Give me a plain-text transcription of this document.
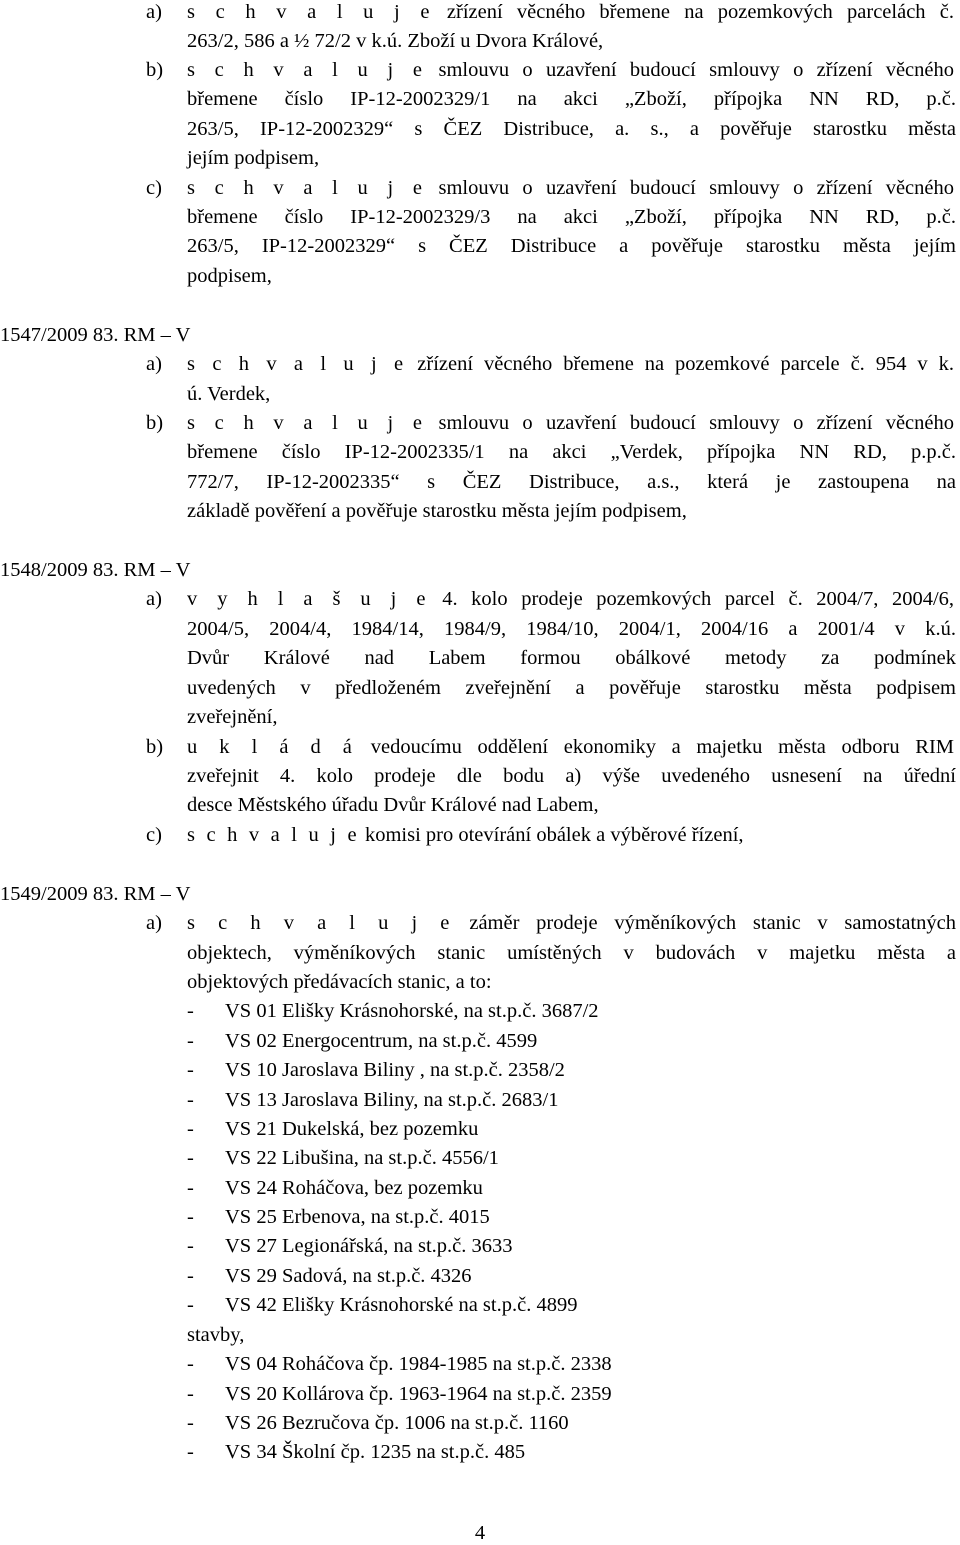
a) s c h v a l u j e zřízení věcného břemene na pozemkových parcelách č.
263/2, 586 a ½ 72/2 v k.ú. Zboží u Dvora Králové,
b) s c h v a l u j e smlouvu o uzavření budoucí smlouvy o zřízení věcného
břemene číslo IP-12-2002329/1 na akci „Zboží, přípojka NN RD, p.č.
263/5, IP-12-2002329“ s ČEZ Distribuce, a. s., a pověřuje starostku města
jejím podpisem,
c) s c h v a l u j e smlouvu o uzavření budoucí smlouvy o zřízení věcného
břemene číslo IP-12-2002329/3 na akci „Zboží, přípojka NN RD, p.č.
263/5, IP-12-2002329“ s ČEZ Distribuce a pověřuje starostku města jejím
podpisem,
1547/2009 83. RM – V
a) s c h v a l u j e zřízení věcného břemene na pozemkové parcele č. 954 v k.
ú. Verdek,
b) s c h v a l u j e smlouvu o uzavření budoucí smlouvy o zřízení věcného
břemene číslo IP-12-2002335/1 na akci „Verdek, přípojka NN RD, p.p.č.
772/7, IP-12-2002335“ s ČEZ Distribuce, a.s., která je zastoupena na
základě pověření a pověřuje starostku města jejím podpisem,
1548/2009 83. RM – V
a) v y h l a š u j e 4. kolo prodeje pozemkových parcel č. 2004/7, 2004/6,
2004/5, 2004/4, 1984/14, 1984/9, 1984/10, 2004/1, 2004/16 a 2001/4 v k.ú.
Dvůr Králové nad Labem formou obálkové metody za podmínek
uvedených v předloženém zveřejnění a pověřuje starostku města podpisem
zveřejnění,
b) u k l á d á vedoucímu oddělení ekonomiky a majetku města odboru RIM
zveřejnit 4. kolo prodeje dle bodu a) výše uvedeného usnesení na úřední
desce Městského úřadu Dvůr Králové nad Labem,
c) s c h v a l u j e komisi pro otevírání obálek a výběrové řízení,
1549/2009 83. RM – V
a) s c h v a l u j e záměr prodeje výměníkových stanic v samostatných
objektech, výměníkových stanic umístěných v budovách v majetku města a
objektových předávacích stanic, a to:
- VS 01 Elišky Krásnohorské, na st.p.č. 3687/2
- VS 02 Energocentrum, na st.p.č. 4599
- VS 10 Jaroslava Biliny , na st.p.č. 2358/2
- VS 13 Jaroslava Biliny, na st.p.č. 2683/1
- VS 21 Dukelská, bez pozemku
- VS 22 Libušina, na st.p.č. 4556/1
- VS 24 Roháčova, bez pozemku
- VS 25 Erbenova, na st.p.č. 4015
- VS 27 Legionářská, na st.p.č. 3633
- VS 29 Sadová, na st.p.č. 4326
- VS 42 Elišky Krásnohorské na st.p.č. 4899
stavby,
- VS 04 Roháčova čp. 1984-1985 na st.p.č. 2338
- VS 20 Kollárova čp. 1963-1964 na st.p.č. 2359
- VS 26 Bezručova čp. 1006 na st.p.č. 1160
- VS 34 Školní čp. 1235 na st.p.č. 485
4
